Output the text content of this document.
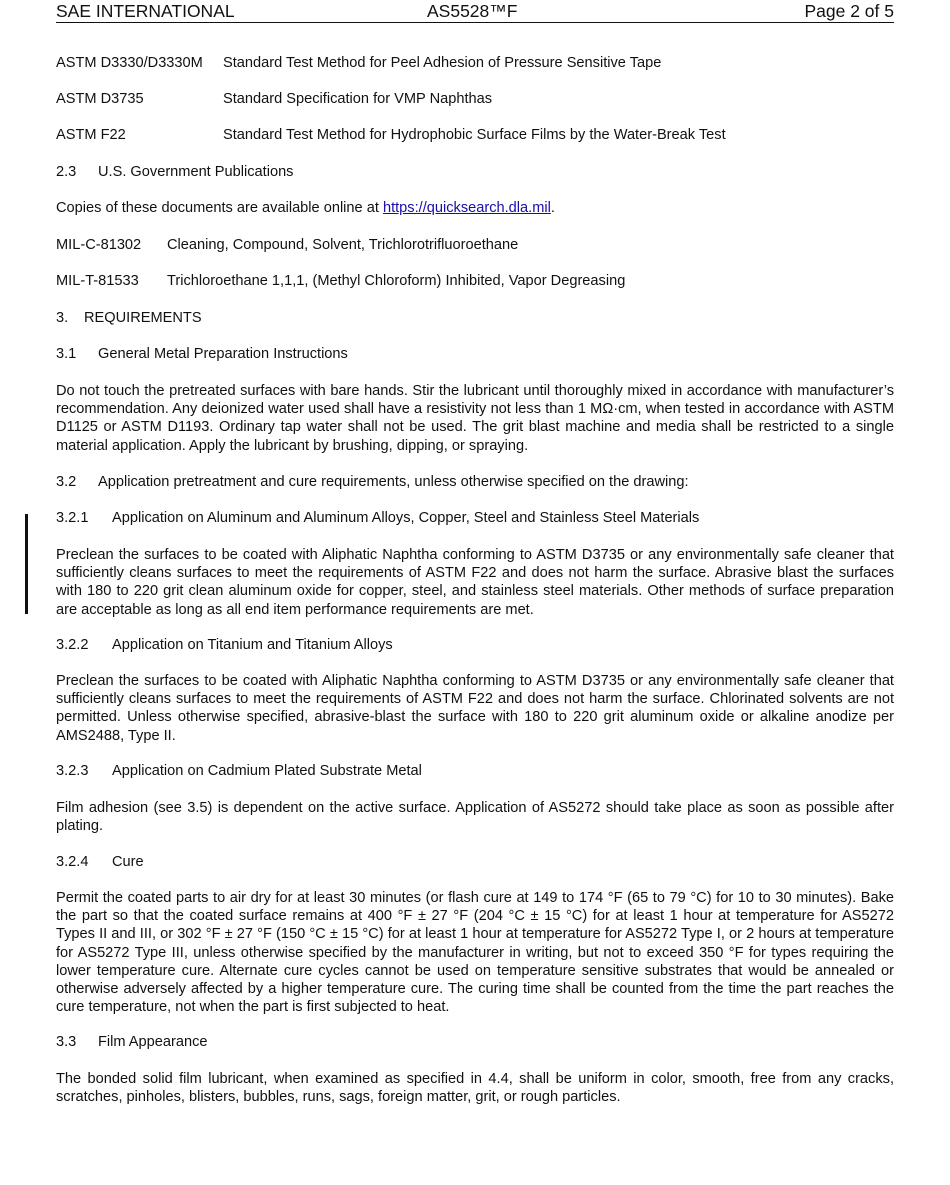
SAE INTERNATIONAL	AS5528™F	Page 2 of 5
ASTM D3330/D3330M Standard Test Method for Peel Adhesion of Pressure Sensitive Tape
ASTM D3735	Standard Specification for VMP Naphthas
ASTM F22	Standard Test Method for Hydrophobic Surface Films by the Water-Break Test
2.3 U.S. Government Publications
Copies of these documents are available online at https://quicksearch.dla.mil.
MIL-C-81302 Cleaning, Compound, Solvent, Trichlorotrifluoroethane
MIL-T-81533 Trichloroethane 1,1,1, (Methyl Chloroform) Inhibited, Vapor Degreasing
3. REQUIREMENTS
3.1 General Metal Preparation Instructions
Do not touch the pretreated surfaces with bare hands. Stir the lubricant until thoroughly mixed in accordance with manufacturer’s recommendation. Any deionized water used shall have a resistivity not less than 1 MΩ·cm, when tested in accordance with ASTM D1125 or ASTM D1193. Ordinary tap water shall not be used. The grit blast machine and media shall be restricted to a single material application. Apply the lubricant by brushing, dipping, or spraying.
3.2 Application pretreatment and cure requirements, unless otherwise specified on the drawing:
3.2.1 Application on Aluminum and Aluminum Alloys, Copper, Steel and Stainless Steel Materials
Preclean the surfaces to be coated with Aliphatic Naphtha conforming to ASTM D3735 or any environmentally safe cleaner that sufficiently cleans surfaces to meet the requirements of ASTM F22 and does not harm the surface. Abrasive blast the surfaces with 180 to 220 grit clean aluminum oxide for copper, steel, and stainless steel materials. Other methods of surface preparation are acceptable as long as all end item performance requirements are met.
3.2.2 Application on Titanium and Titanium Alloys
Preclean the surfaces to be coated with Aliphatic Naphtha conforming to ASTM D3735 or any environmentally safe cleaner that sufficiently cleans surfaces to meet the requirements of ASTM F22 and does not harm the surface. Chlorinated solvents are not permitted. Unless otherwise specified, abrasive-blast the surface with 180 to 220 grit aluminum oxide or alkaline anodize per AMS2488, Type II.
3.2.3 Application on Cadmium Plated Substrate Metal
Film adhesion (see 3.5) is dependent on the active surface. Application of AS5272 should take place as soon as possible after plating.
3.2.4 Cure
Permit the coated parts to air dry for at least 30 minutes (or flash cure at 149 to 174 °F (65 to 79 °C) for 10 to 30 minutes). Bake the part so that the coated surface remains at 400 °F ± 27 °F (204 °C ± 15 °C) for at least 1 hour at temperature for AS5272 Types II and III, or 302 °F ± 27 °F (150 °C ± 15 °C) for at least 1 hour at temperature for AS5272 Type I, or 2 hours at temperature for AS5272 Type III, unless otherwise specified by the manufacturer in writing, but not to exceed 350 °F for types requiring the lower temperature cure. Alternate cure cycles cannot be used on temperature sensitive substrates that would be annealed or otherwise adversely affected by a higher temperature cure. The curing time shall be counted from the time the part reaches the cure temperature, not when the part is first subjected to heat.
3.3 Film Appearance
The bonded solid film lubricant, when examined as specified in 4.4, shall be uniform in color, smooth, free from any cracks, scratches, pinholes, blisters, bubbles, runs, sags, foreign matter, grit, or rough particles.
